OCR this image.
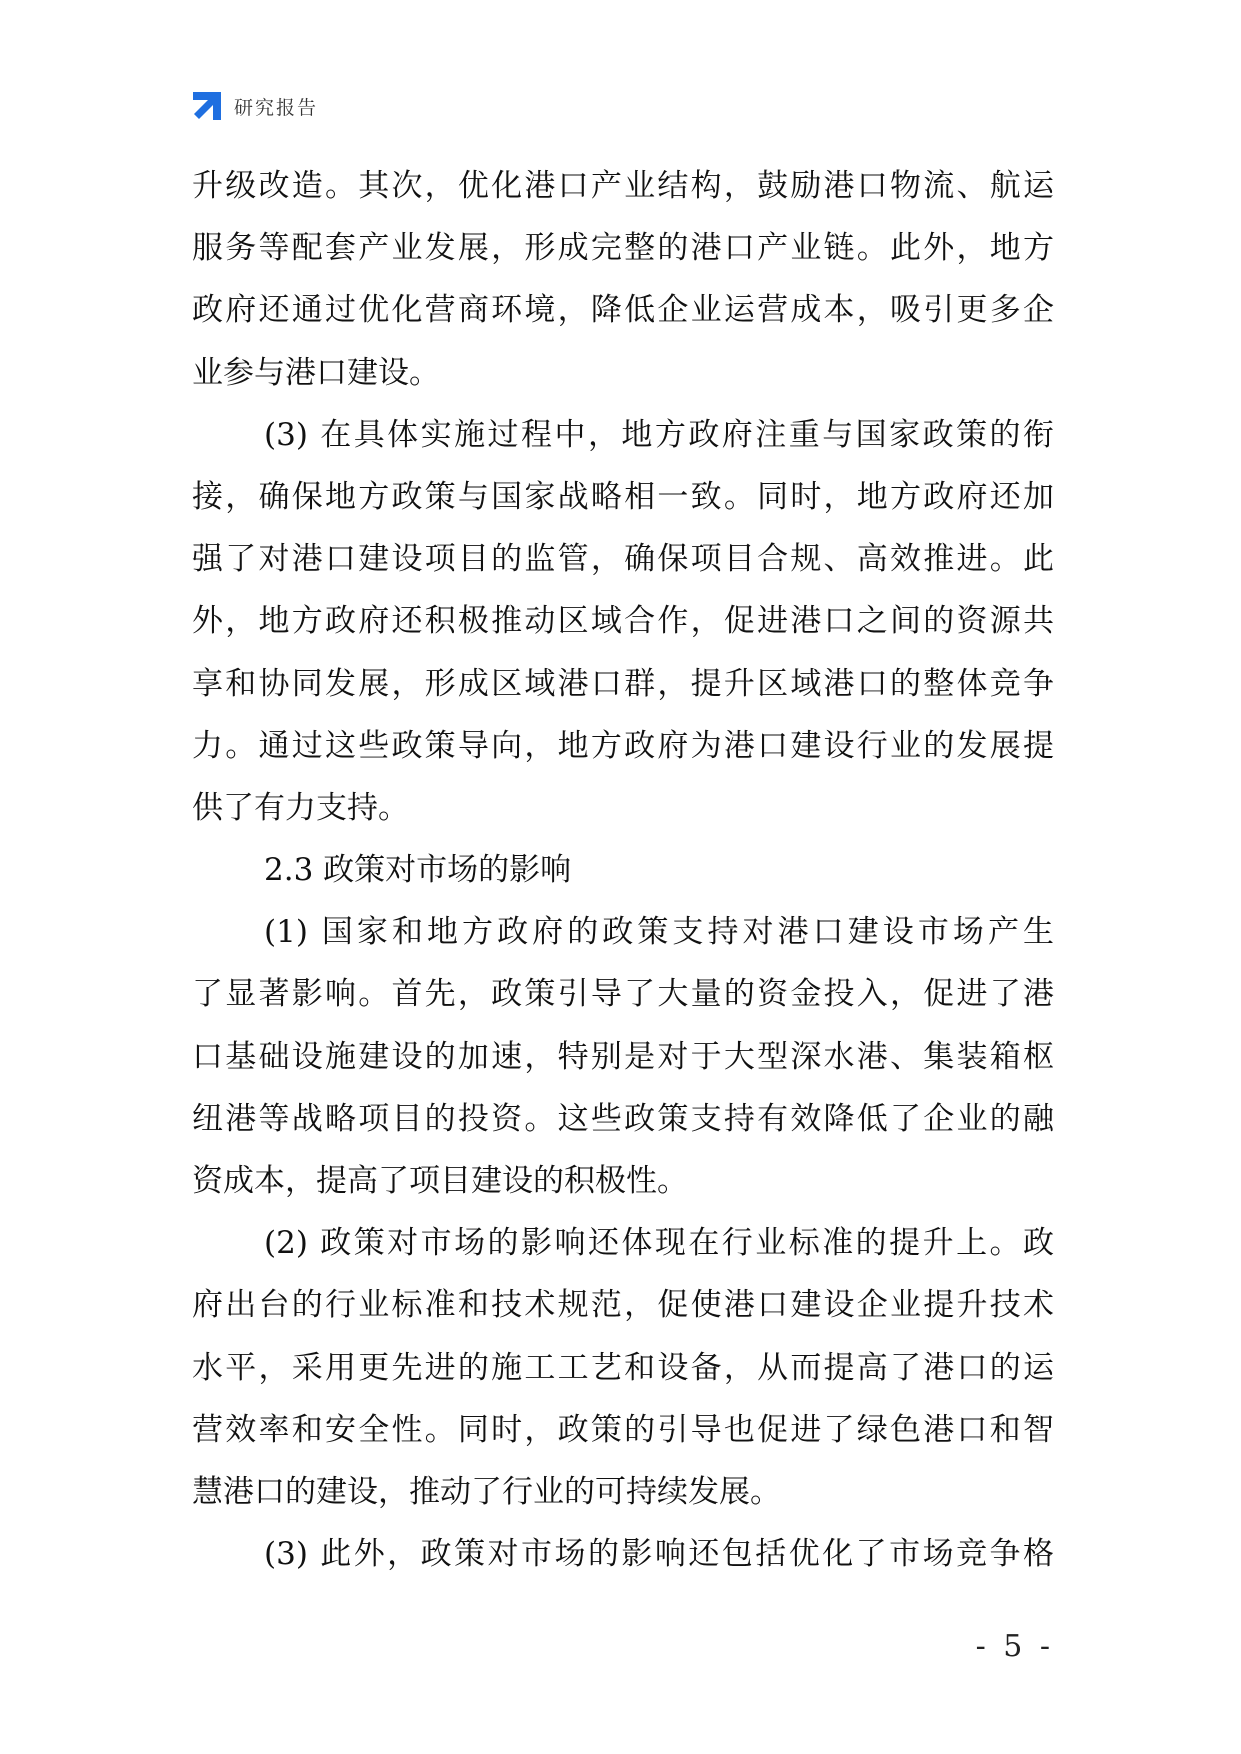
研究报告
升级改造。其次，优化港口产业结构，鼓励港口物流、航运
服务等配套产业发展，形成完整的港口产业链。此外，地方
政府还通过优化营商环境，降低企业运营成本，吸引更多企
业参与港口建设。
(3) 在具体实施过程中，地方政府注重与国家政策的衔
接，确保地方政策与国家战略相一致。同时，地方政府还加
强了对港口建设项目的监管，确保项目合规、高效推进。此
外，地方政府还积极推动区域合作，促进港口之间的资源共
享和协同发展，形成区域港口群，提升区域港口的整体竞争
力。通过这些政策导向，地方政府为港口建设行业的发展提
供了有力支持。
2.3 政策对市场的影响
(1) 国家和地方政府的政策支持对港口建设市场产生
了显著影响。首先，政策引导了大量的资金投入，促进了港
口基础设施建设的加速，特别是对于大型深水港、集装箱枢
纽港等战略项目的投资。这些政策支持有效降低了企业的融
资成本，提高了项目建设的积极性。
(2) 政策对市场的影响还体现在行业标准的提升上。政
府出台的行业标准和技术规范，促使港口建设企业提升技术
水平，采用更先进的施工工艺和设备，从而提高了港口的运
营效率和安全性。同时，政策的引导也促进了绿色港口和智
慧港口的建设，推动了行业的可持续发展。
(3) 此外，政策对市场的影响还包括优化了市场竞争格
- 5 -
